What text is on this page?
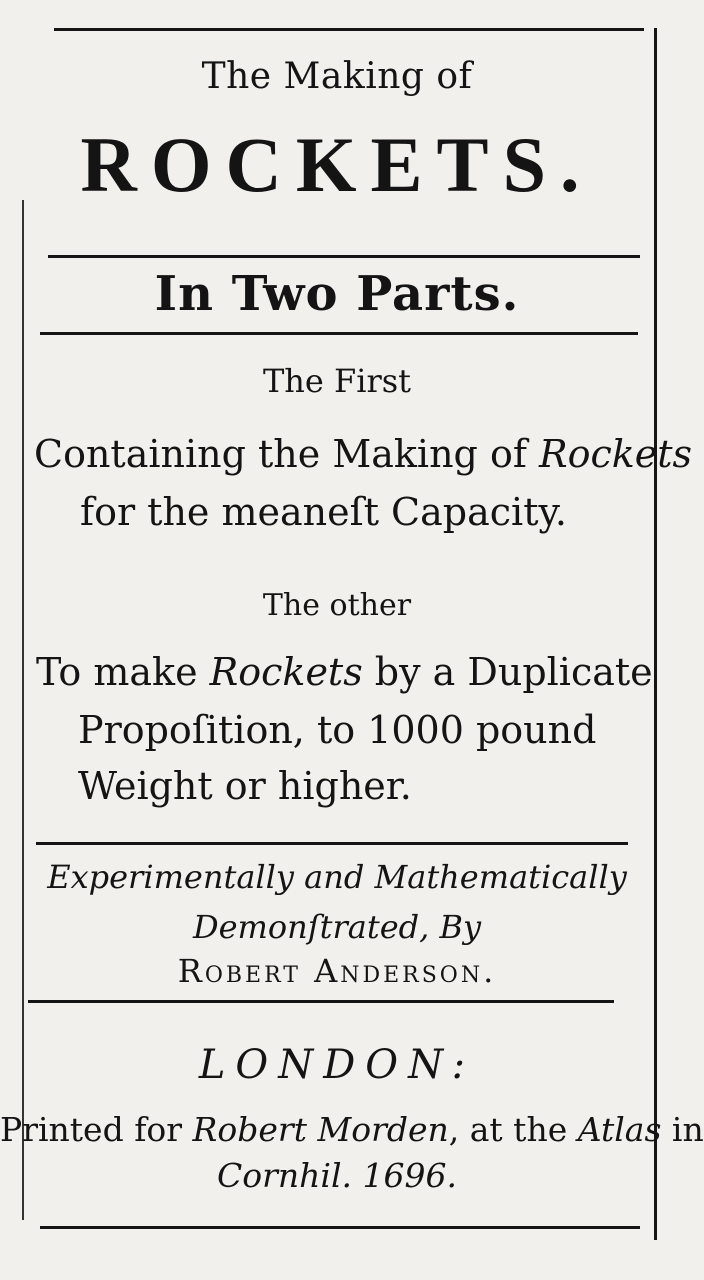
The Making of
ROCKETS.
In Two Parts.
The First
Containing the Making of Rockets
for the meaneſt Capacity.
The other
To make Rockets by a Duplicate
Propoſition, to 1000 pound
Weight or higher.
Experimentally and Mathematically
Demonſtrated, By
Robert Anderson.
LONDON:
Printed for Robert Morden, at the Atlas in
Cornhil. 1696.
